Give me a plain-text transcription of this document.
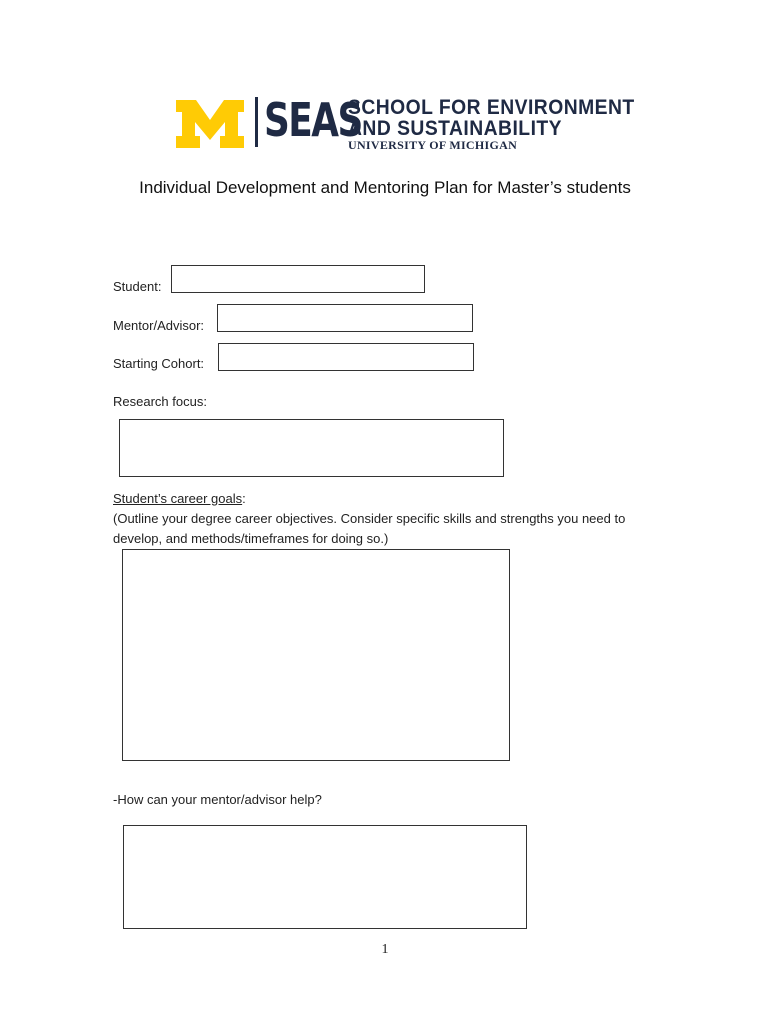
SEAS
SCHOOL FOR ENVIRONMENT
AND SUSTAINABILITY
UNIVERSITY OF MICHIGAN
Individual Development and Mentoring Plan for Master’s students
Student:
Mentor/Advisor:
Starting Cohort:
Research focus:
Student’s career goals:
(Outline your degree career objectives. Consider specific skills and strengths you need to develop, and methods/timeframes for doing so.)
-How can your mentor/advisor help?
1
